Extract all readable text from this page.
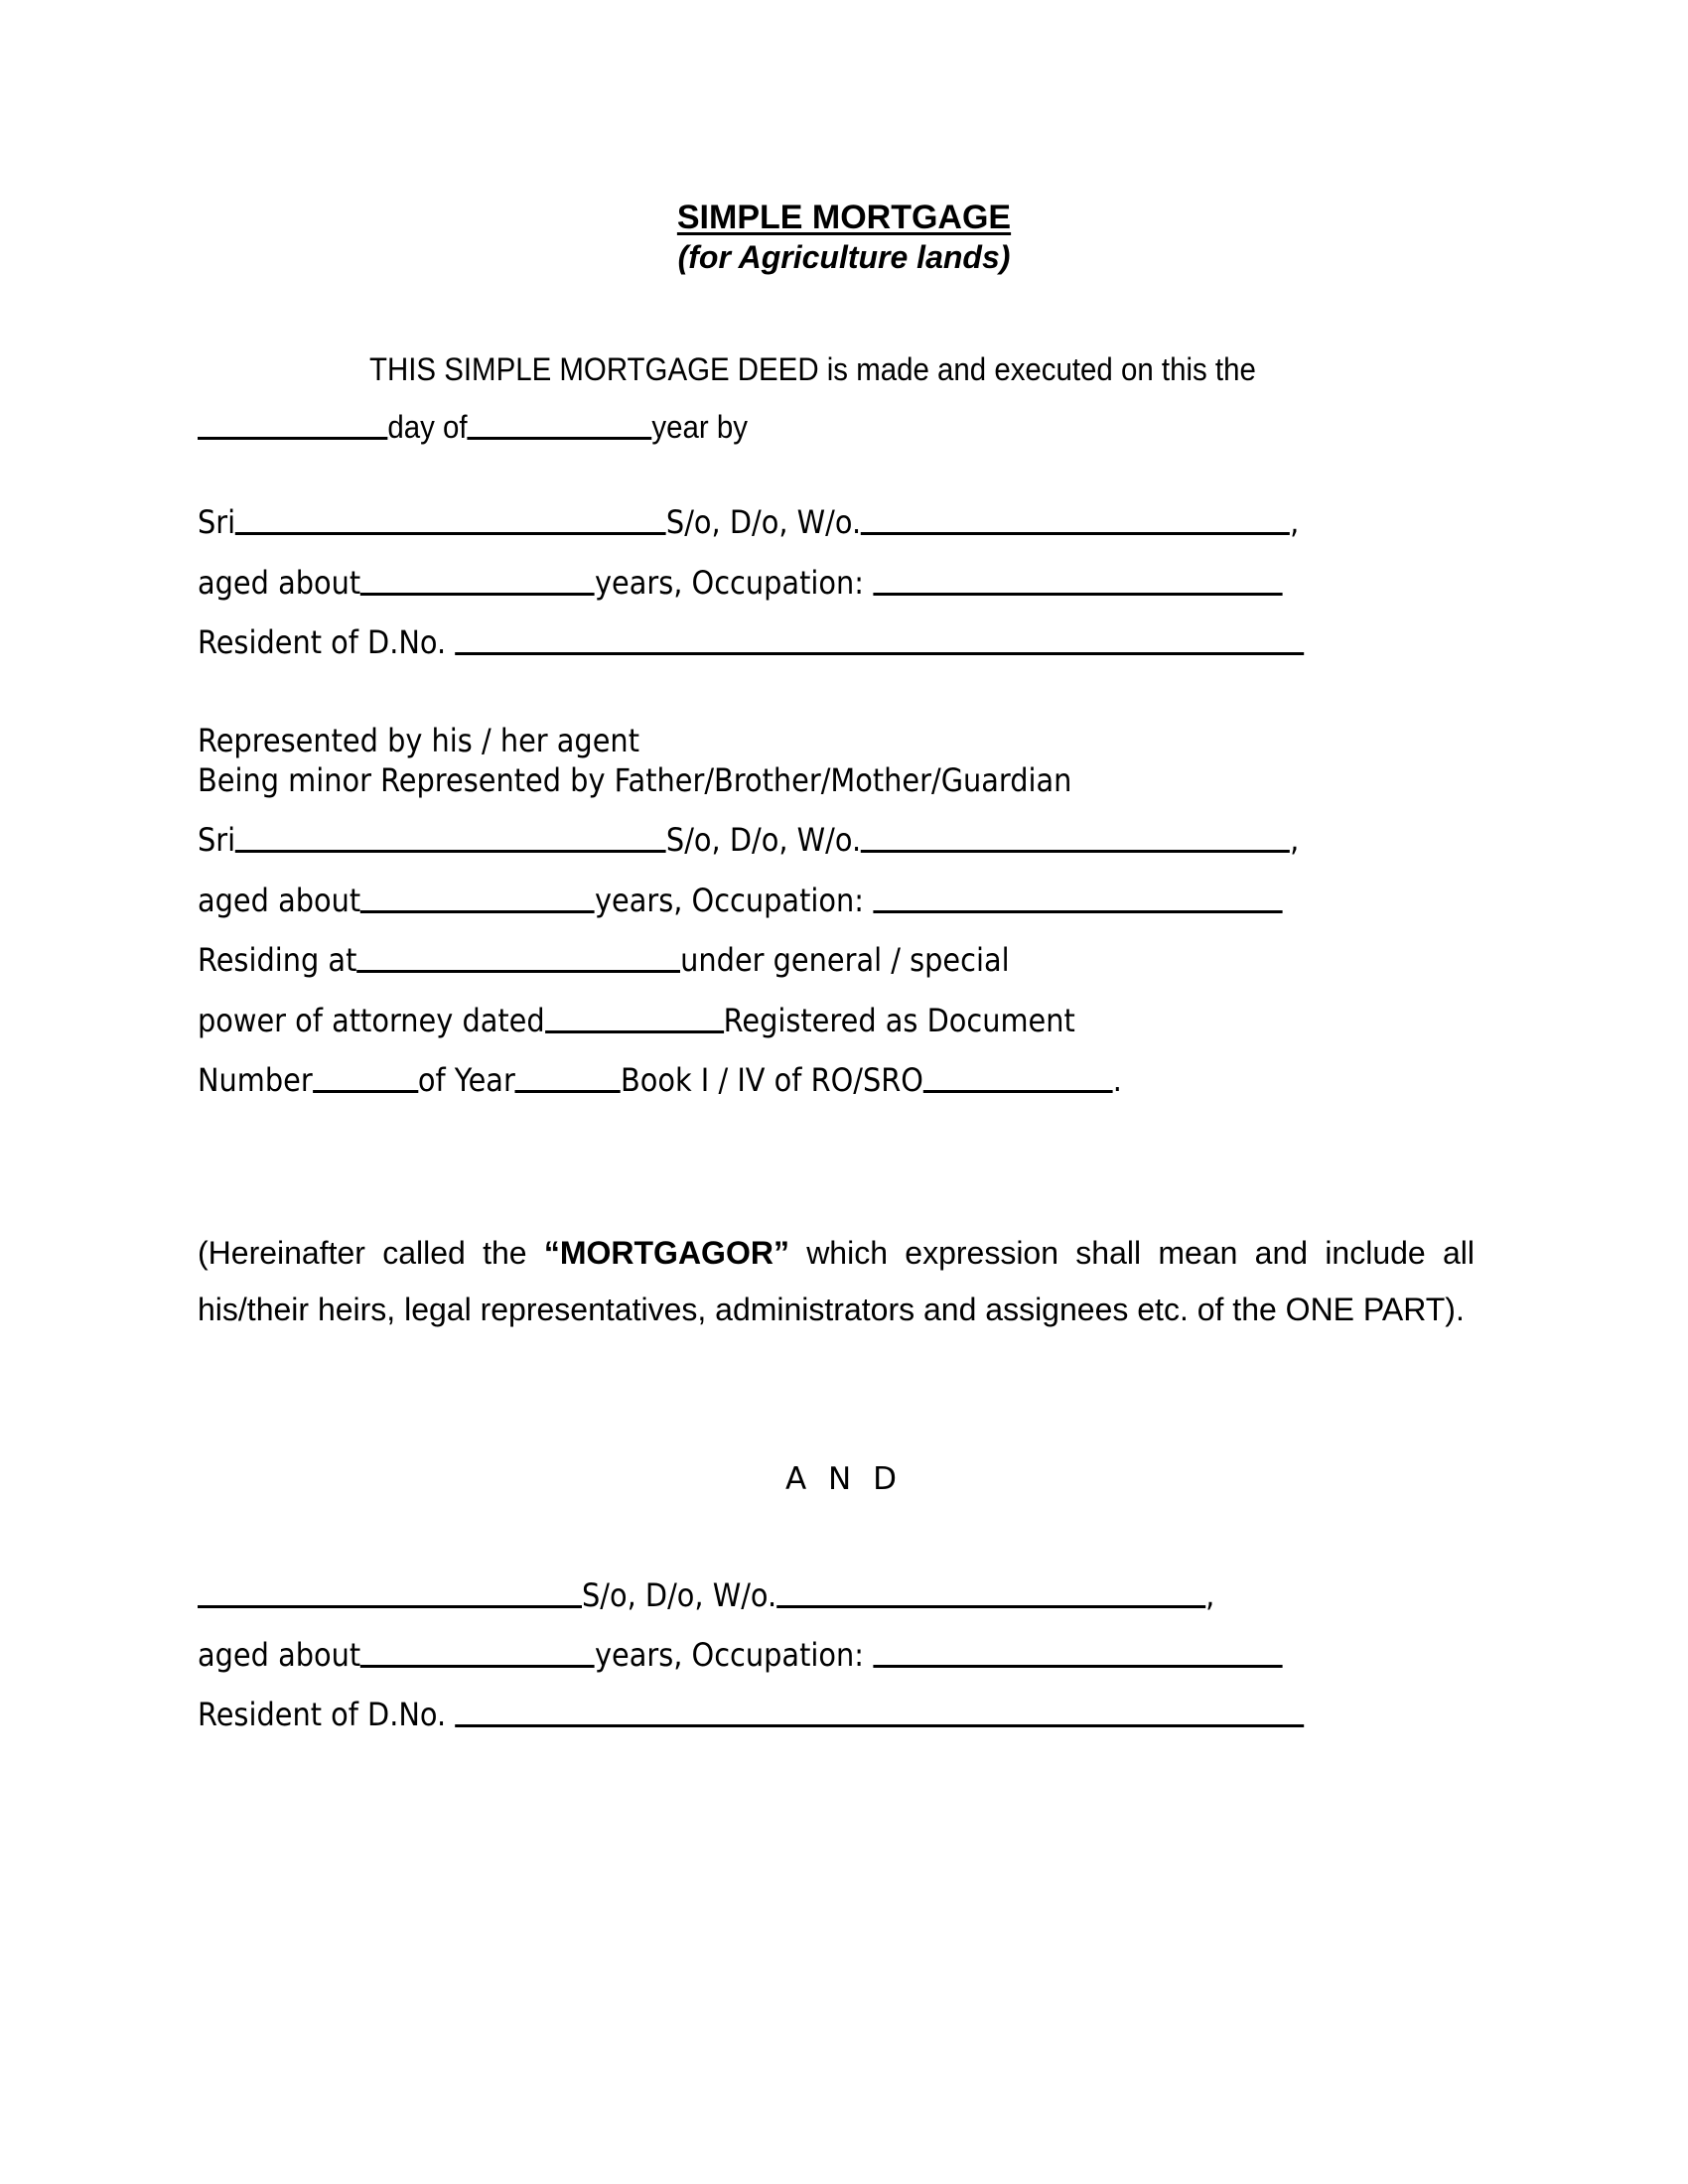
SIMPLE MORTGAGE
(for Agriculture lands)
THIS SIMPLE MORTGAGE DEED is made and executed on this the
day of	year by
Sri	S/o, D/o, W/o.	,
aged about	years, Occupation:
Resident of D.No.
Represented by his / her agent
Being minor Represented by Father/Brother/Mother/Guardian
Sri	S/o, D/o, W/o.	,
aged about	years, Occupation:
Residing at	under general / special
power of attorney dated	Registered as Document
Number	of Year	Book I / IV of RO/SRO	.
(Hereinafter called the “MORTGAGOR” which expression shall mean and include all his/their heirs, legal representatives, administrators and assignees etc. of the ONE PART).
A N D
S/o, D/o, W/o.	,
aged about	years, Occupation:
Resident of D.No.
